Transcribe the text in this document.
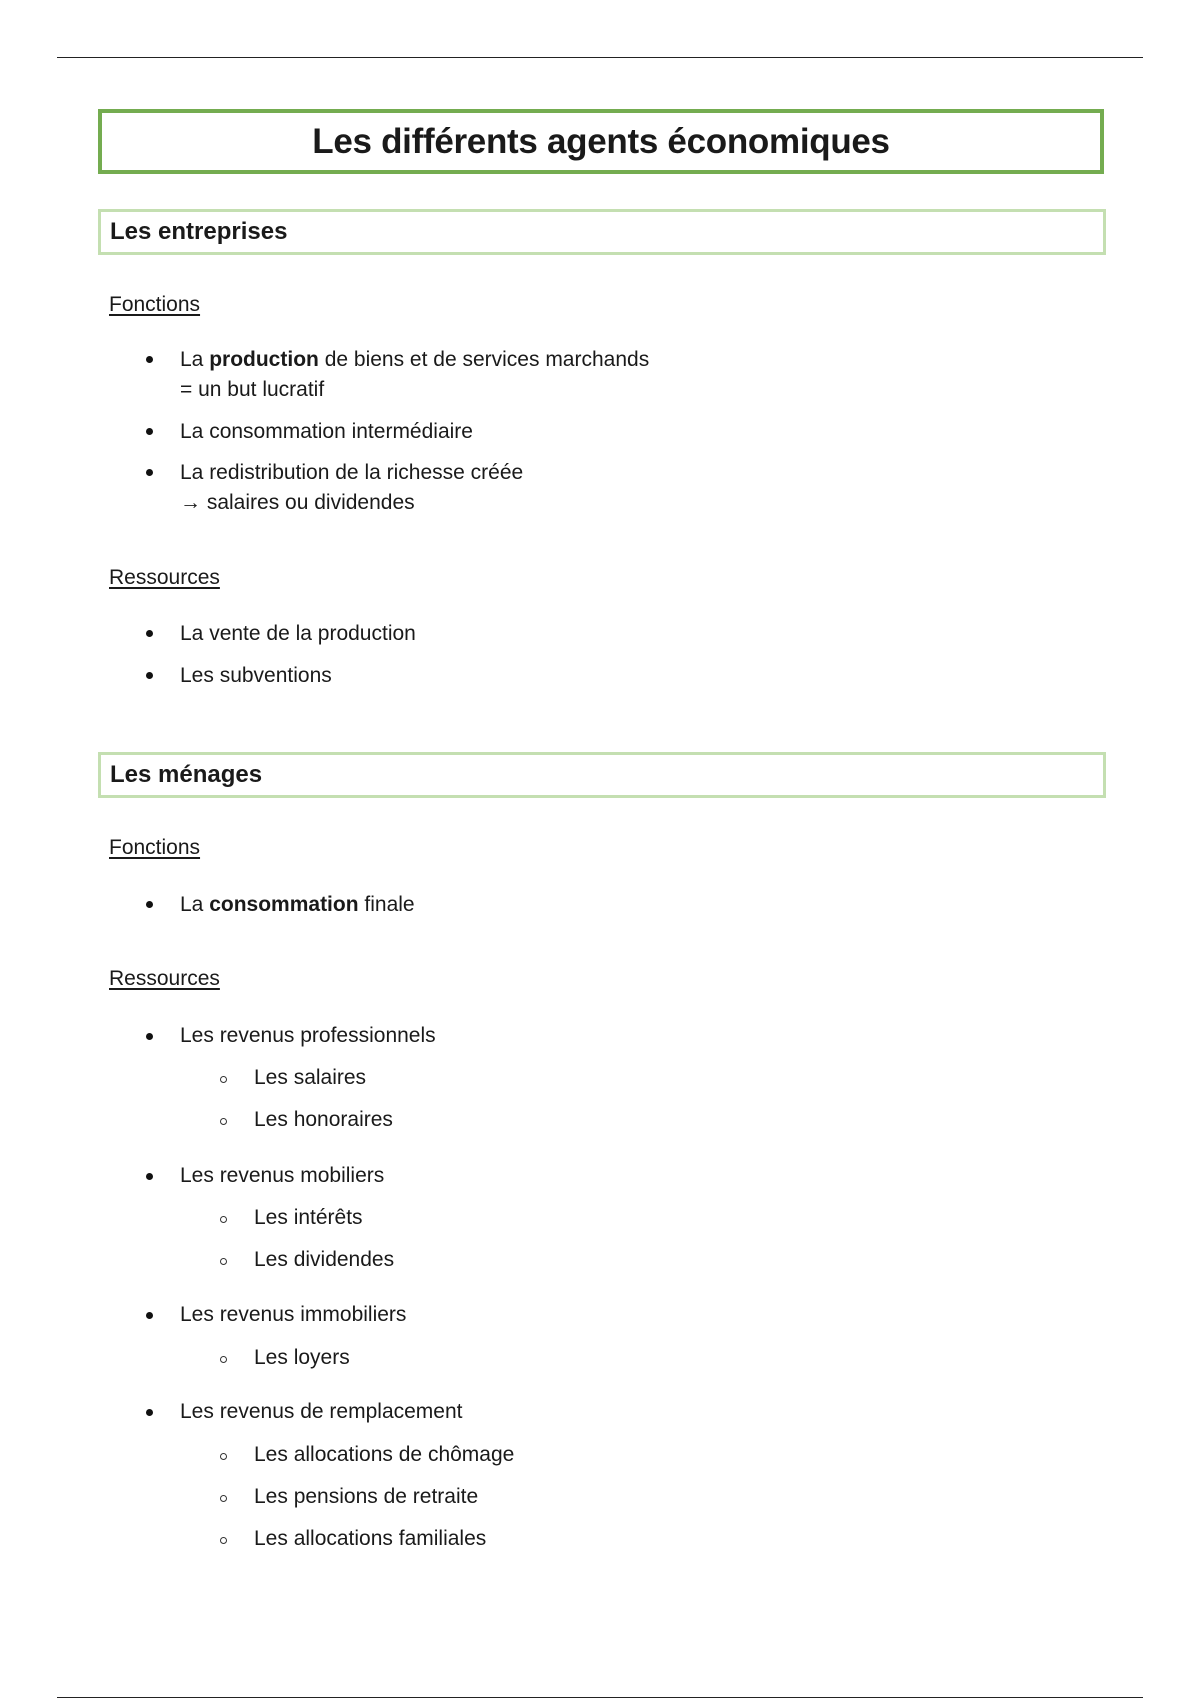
Les différents agents économiques
Les entreprises
Fonctions
La production de biens et de services marchands
= un but lucratif
La consommation intermédiaire
La redistribution de la richesse créée
→ salaires ou dividendes
Ressources
La vente de la production
Les subventions
Les ménages
Fonctions
La consommation finale
Ressources
Les revenus professionnels
Les salaires
Les honoraires
Les revenus mobiliers
Les intérêts
Les dividendes
Les revenus immobiliers
Les loyers
Les revenus de remplacement
Les allocations de chômage
Les pensions de retraite
Les allocations familiales
